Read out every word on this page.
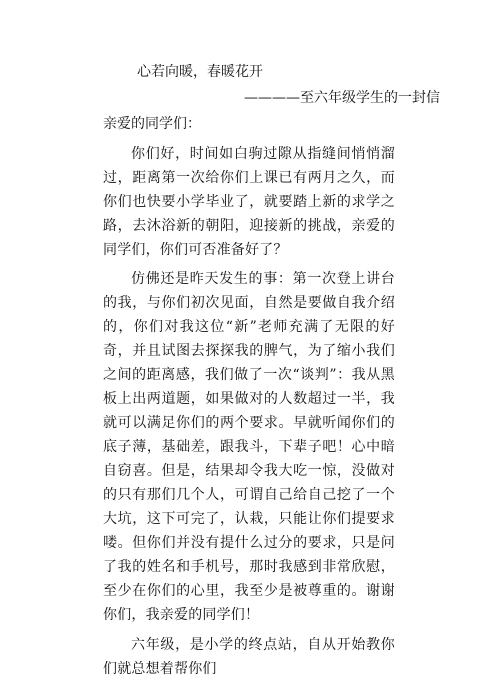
心若向暖，春暖花开
————至六年级学生的一封信

亲爱的同学们：

你们好，时间如白驹过隙从指缝间悄悄溜过，距离第一次给你们上课已有两月之久，而你们也快要小学毕业了，就要踏上新的求学之路，去沐浴新的朝阳，迎接新的挑战，亲爱的同学们，你们可否准备好了？

仿佛还是昨天发生的事：第一次登上讲台的我，与你们初次见面，自然是要做自我介绍的，你们对我这位“新”老师充满了无限的好奇，并且试图去探探我的脾气，为了缩小我们之间的距离感，我们做了一次“谈判”：我从黑板上出两道题，如果做对的人数超过一半，我就可以满足你们的两个要求。早就听闻你们的底子薄，基础差，跟我斗，下辈子吧！心中暗自窃喜。但是，结果却令我大吃一惊，没做对的只有那们几个人，可谓自己给自己挖了一个大坑，这下可完了，认栽，只能让你们提要求喽。但你们并没有提什么过分的要求，只是问了我的姓名和手机号，那时我感到非常欣慰，至少在你们的心里，我至少是被尊重的。谢谢你们，我亲爱的同学们！

六年级，是小学的终点站，自从开始教你们就总想着帮你们
